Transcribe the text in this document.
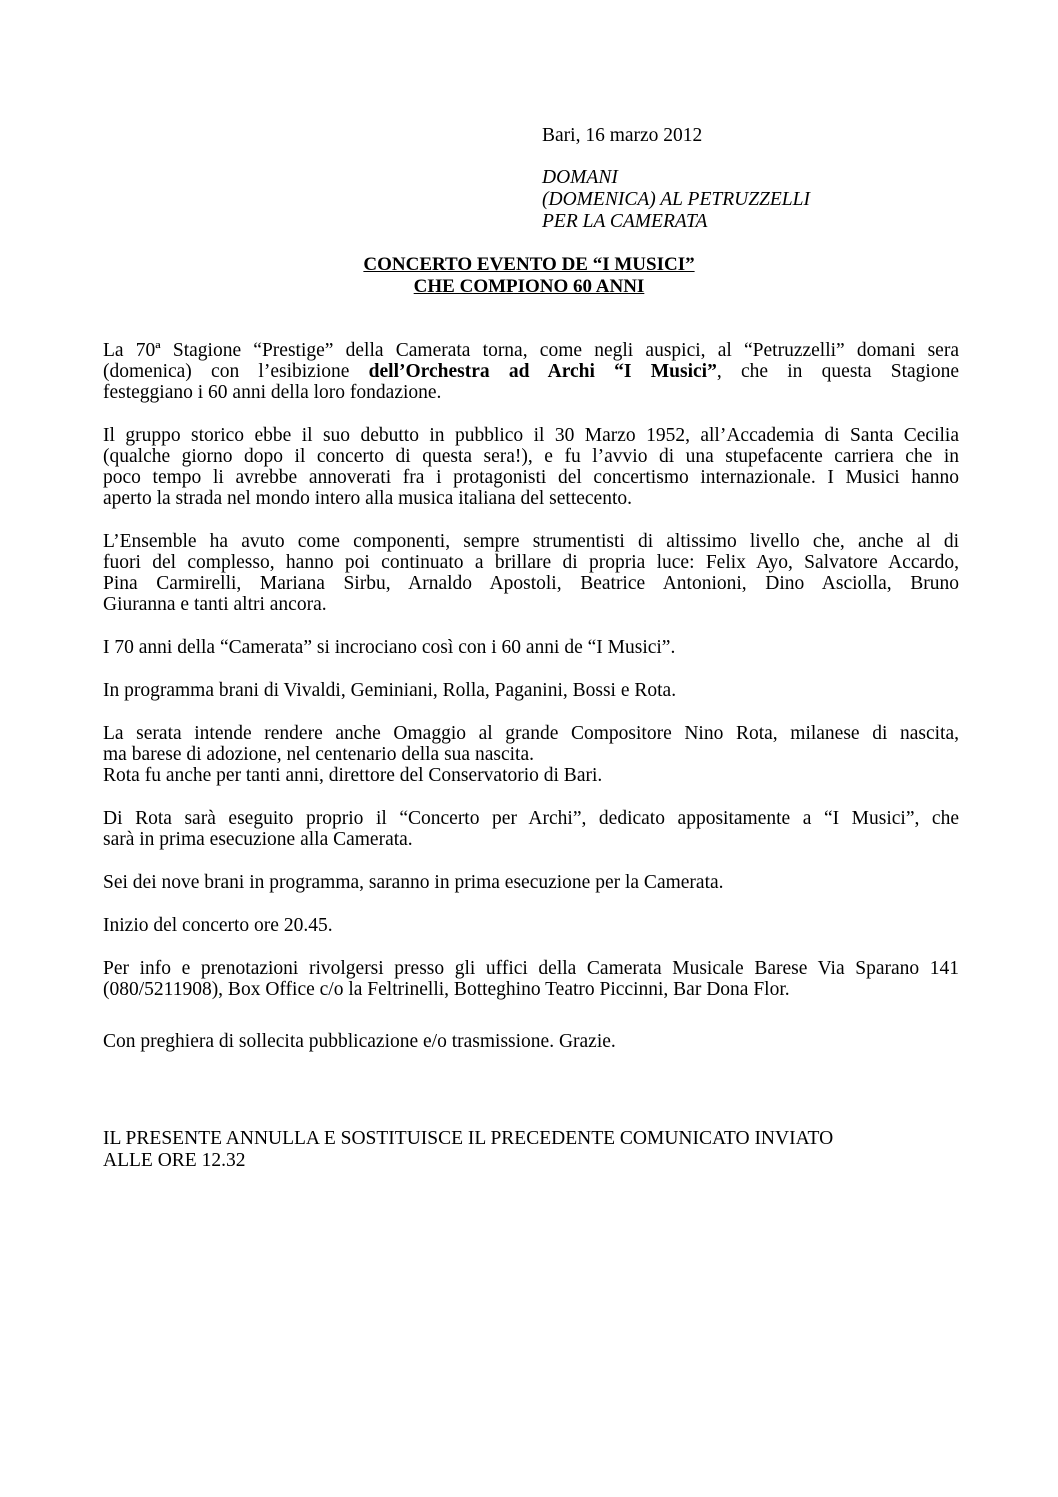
Bari, 16 marzo 2012
DOMANI
(DOMENICA) AL PETRUZZELLI
PER LA CAMERATA
CONCERTO EVENTO DE “I MUSICI”
CHE COMPIONO 60 ANNI
La 70ª Stagione “Prestige” della Camerata torna, come negli auspici, al “Petruzzelli” domani sera
(domenica) con l’esibizione dell’Orchestra ad Archi “I Musici”, che in questa Stagione
festeggiano i 60 anni della loro fondazione.
Il gruppo storico ebbe il suo debutto in pubblico il 30 Marzo 1952, all’Accademia di Santa Cecilia
(qualche giorno dopo il concerto di questa sera!), e fu l’avvio di una stupefacente carriera che in
poco tempo li avrebbe annoverati fra i protagonisti del concertismo internazionale. I Musici hanno
aperto la strada nel mondo intero alla musica italiana del settecento.
L’Ensemble ha avuto come componenti, sempre strumentisti di altissimo livello che, anche al di
fuori del complesso, hanno poi continuato a brillare di propria luce: Felix Ayo, Salvatore Accardo,
Pina Carmirelli, Mariana Sirbu, Arnaldo Apostoli, Beatrice Antonioni, Dino Asciolla, Bruno
Giuranna e tanti altri ancora.
I 70 anni della “Camerata” si incrociano così con i 60 anni de “I Musici”.
In programma brani di Vivaldi, Geminiani, Rolla, Paganini, Bossi e Rota.
La serata intende rendere anche Omaggio al grande Compositore Nino Rota, milanese di nascita,
ma barese di adozione, nel centenario della sua nascita.
Rota fu anche per tanti anni, direttore del Conservatorio di Bari.
Di Rota sarà eseguito proprio il “Concerto per Archi”, dedicato appositamente a “I Musici”, che
sarà in prima esecuzione alla Camerata.
Sei dei nove brani in programma, saranno in prima esecuzione per la Camerata.
Inizio del concerto ore 20.45.
Per info e prenotazioni rivolgersi presso gli uffici della Camerata Musicale Barese Via Sparano 141
(080/5211908), Box Office c/o la Feltrinelli, Botteghino Teatro Piccinni, Bar Dona Flor.
Con preghiera di sollecita pubblicazione e/o trasmissione. Grazie.
IL PRESENTE ANNULLA E SOSTITUISCE IL PRECEDENTE COMUNICATO INVIATO
ALLE ORE 12.32
